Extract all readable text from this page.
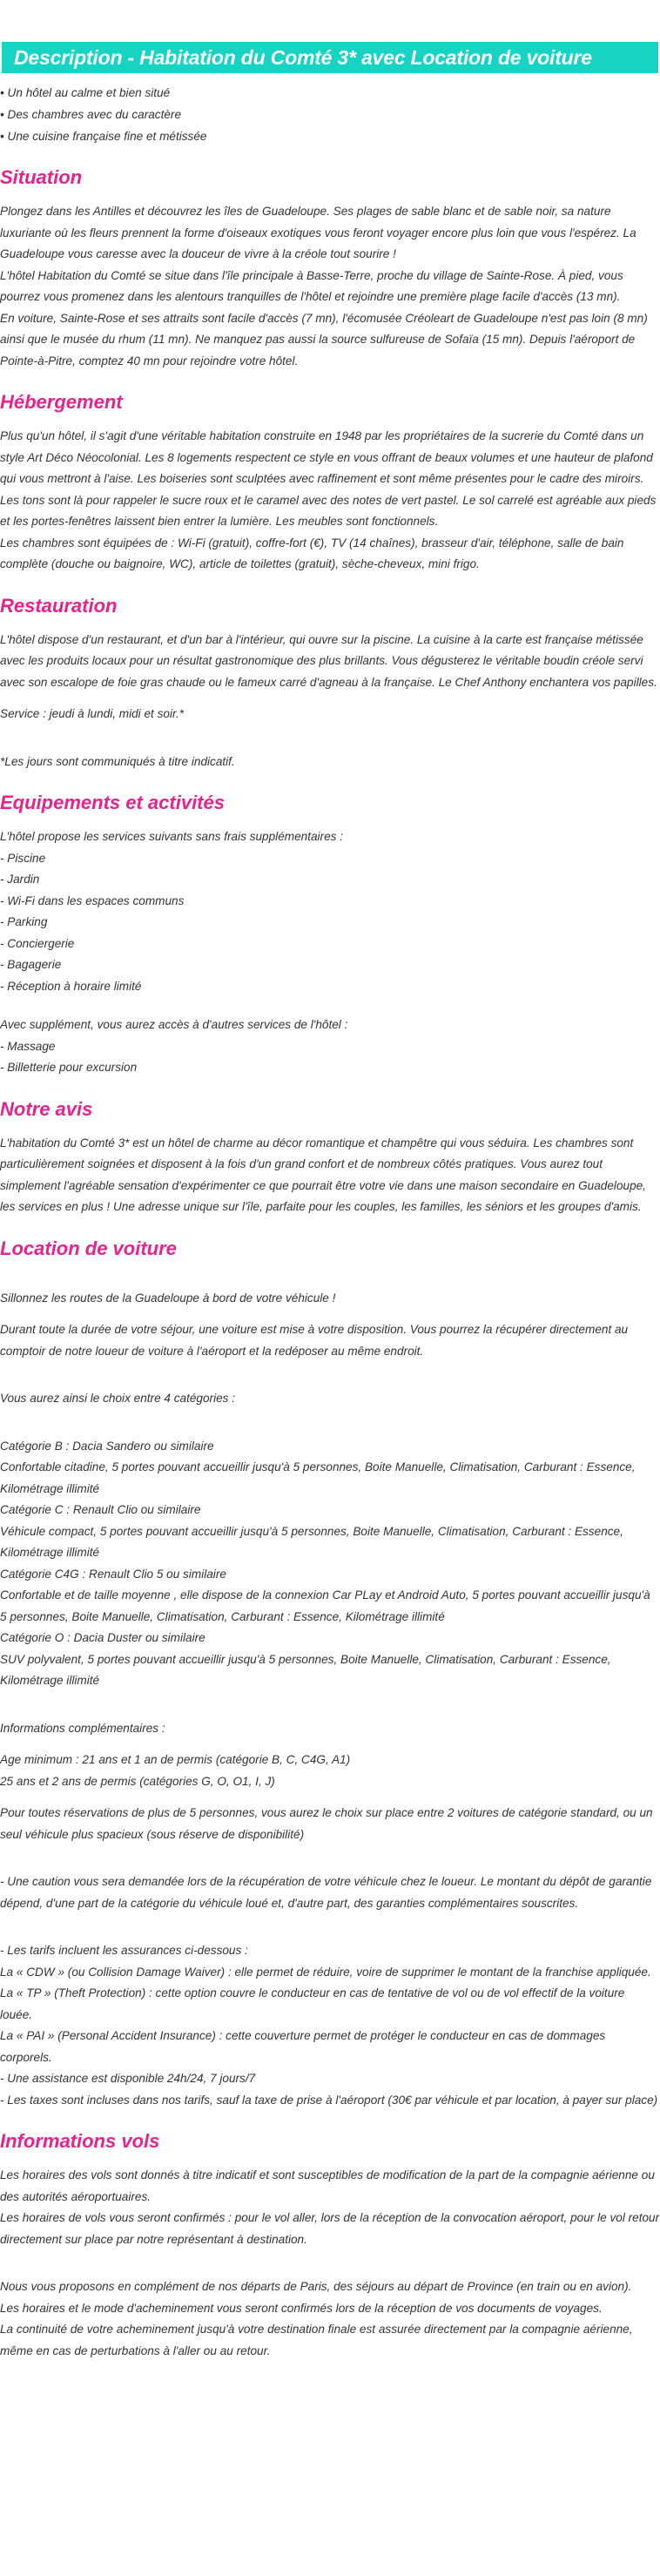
Description - Habitation du Comté 3* avec Location de voiture
• Un hôtel au calme et bien situé
• Des chambres avec du caractère
• Une cuisine française fine et métissée
Situation

Plongez dans les Antilles et découvrez les îles de Guadeloupe. Ses plages de sable blanc et de sable noir, sa nature luxuriante où les fleurs prennent la forme d'oiseaux exotiques vous feront voyager encore plus loin que vous l'espérez. La Guadeloupe vous caresse avec la douceur de vivre à la créole tout sourire !
L'hôtel Habitation du Comté se situe dans l'île principale à Basse-Terre, proche du village de Sainte-Rose. À pied, vous pourrez vous promenez dans les alentours tranquilles de l'hôtel et rejoindre une première plage facile d'accès (13 mn).
En voiture, Sainte-Rose et ses attraits sont facile d'accès (7 mn), l'écomusée Créoleart de Guadeloupe n'est pas loin (8 mn) ainsi que le musée du rhum (11 mn). Ne manquez pas aussi la source sulfureuse de Sofaïa (15 mn). Depuis l'aéroport de Pointe-à-Pitre, comptez 40 mn pour rejoindre votre hôtel.

Hébergement

Plus qu'un hôtel, il s'agit d'une véritable habitation construite en 1948 par les propriétaires de la sucrerie du Comté dans un style Art Déco Néocolonial. Les 8 logements respectent ce style en vous offrant de beaux volumes et une hauteur de plafond qui vous mettront à l'aise. Les boiseries sont sculptées avec raffinement et sont même présentes pour le cadre des miroirs. Les tons sont là pour rappeler le sucre roux et le caramel avec des notes de vert pastel. Le sol carrelé est agréable aux pieds et les portes-fenêtres laissent bien entrer la lumière. Les meubles sont fonctionnels.
Les chambres sont équipées de : Wi-Fi (gratuit), coffre-fort (€), TV (14 chaînes), brasseur d'air, téléphone, salle de bain complète (douche ou baignoire, WC), article de toilettes (gratuit), sèche-cheveux, mini frigo.

Restauration

L'hôtel dispose d'un restaurant, et d'un bar à l'intérieur, qui ouvre sur la piscine. La cuisine à la carte est française métissée avec les produits locaux pour un résultat gastronomique des plus brillants. Vous dégusterez le véritable boudin créole servi avec son escalope de foie gras chaude ou le fameux carré d'agneau à la française. Le Chef Anthony enchantera vos papilles.

Service : jeudi à lundi, midi et soir.*

*Les jours sont communiqués à titre indicatif.

Equipements et activités

L'hôtel propose les services suivants sans frais supplémentaires :

- Piscine

- Jardin

- Wi-Fi dans les espaces communs

- Parking

- Conciergerie

- Bagagerie

- Réception à horaire limité

Avec supplément, vous aurez accès à d'autres services de l'hôtel :

- Massage

- Billetterie pour excursion

Notre avis

L'habitation du Comté 3* est un hôtel de charme au décor romantique et champêtre qui vous séduira. Les chambres sont particulièrement soignées et disposent à la fois d'un grand confort et de nombreux côtés pratiques. Vous aurez tout simplement l'agréable sensation d'expérimenter ce que pourrait être votre vie dans une maison secondaire en Guadeloupe, les services en plus ! Une adresse unique sur l'île, parfaite pour les couples, les familles, les séniors et les groupes d'amis.

Location de voiture

Sillonnez les routes de la Guadeloupe à bord de votre véhicule !

Durant toute la durée de votre séjour, une voiture est mise à votre disposition. Vous pourrez la récupérer directement au comptoir de notre loueur de voiture à l'aéroport et la redéposer au même endroit.

Vous aurez ainsi le choix entre 4 catégories :

Catégorie B : Dacia Sandero ou similaire
Confortable citadine, 5 portes pouvant accueillir jusqu'à 5 personnes, Boite Manuelle, Climatisation, Carburant : Essence, Kilométrage illimité
Catégorie C : Renault Clio ou similaire
Véhicule compact, 5 portes pouvant accueillir jusqu'à 5 personnes, Boite Manuelle, Climatisation, Carburant : Essence, Kilométrage illimité
Catégorie C4G : Renault Clio 5 ou similaire
Confortable et de taille moyenne , elle dispose de la connexion Car PLay et Android Auto, 5 portes pouvant accueillir jusqu'à 5 personnes, Boite Manuelle, Climatisation, Carburant : Essence, Kilométrage illimité
Catégorie O : Dacia Duster ou similaire
SUV polyvalent, 5 portes pouvant accueillir jusqu'à 5 personnes, Boite Manuelle, Climatisation, Carburant : Essence, Kilométrage illimité

Informations complémentaires :

Age minimum : 21 ans et 1 an de permis (catégorie B, C, C4G, A1)
25 ans et 2 ans de permis (catégories G, O, O1, I, J)

Pour toutes réservations de plus de 5 personnes, vous aurez le choix sur place entre 2 voitures de catégorie standard, ou un seul véhicule plus spacieux (sous réserve de disponibilité)

- Une caution vous sera demandée lors de la récupération de votre véhicule chez le loueur. Le montant du dépôt de garantie dépend, d'une part de la catégorie du véhicule loué et, d'autre part, des garanties complémentaires souscrites.

- Les tarifs incluent les assurances ci-dessous :
La « CDW » (ou Collision Damage Waiver) : elle permet de réduire, voire de supprimer le montant de la franchise appliquée.
La « TP » (Theft Protection) : cette option couvre le conducteur en cas de tentative de vol ou de vol effectif de la voiture louée.
La « PAI » (Personal Accident Insurance) : cette couverture permet de protéger le conducteur en cas de dommages corporels.
- Une assistance est disponible 24h/24, 7 jours/7
- Les taxes sont incluses dans nos tarifs, sauf la taxe de prise à l'aéroport (30€ par véhicule et par location, à payer sur place)

Informations vols

Les horaires des vols sont donnés à titre indicatif et sont susceptibles de modification de la part de la compagnie aérienne ou des autorités aéroportuaires.
Les horaires de vols vous seront confirmés : pour le vol aller, lors de la réception de la convocation aéroport, pour le vol retour directement sur place par notre représentant à destination.

Nous vous proposons en complément de nos départs de Paris, des séjours au départ de Province (en train ou en avion).
Les horaires et le mode d'acheminement vous seront confirmés lors de la réception de vos documents de voyages.
La continuité de votre acheminement jusqu'à votre destination finale est assurée directement par la compagnie aérienne, même en cas de perturbations à l'aller ou au retour.
